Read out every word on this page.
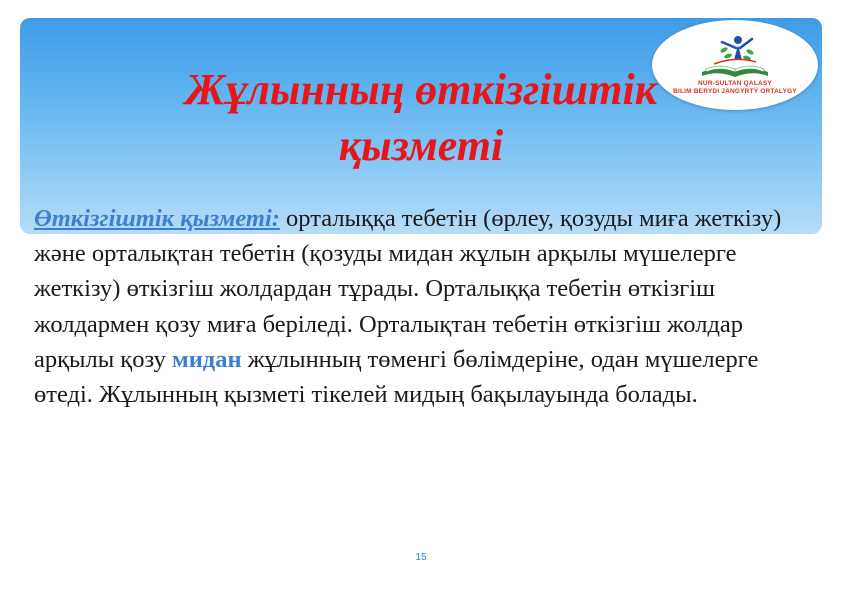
Жұлынның өткізгіштік
қызметі
NUR-SULTAN QALASY
BILIM BERYDI JANGYRTÝ ORTALYGY

Өткізгіштік қызметі: орталыққа тебетін (өрлеу, қозуды миға жеткізу) және орталықтан тебетін (қозуды мидан жұлын арқылы мүшелерге жеткізу) өткізгіш жолдардан тұрады. Орталыққа тебетін өткізгіш жолдармен қозу миға беріледі. Орталықтан тебетін өткізгіш жолдар арқылы қозу мидан жұлынның төменгі бөлімдеріне, одан мүшелерге өтеді. Жұлынның қызметі тікелей мидың бақылауында болады.

15
